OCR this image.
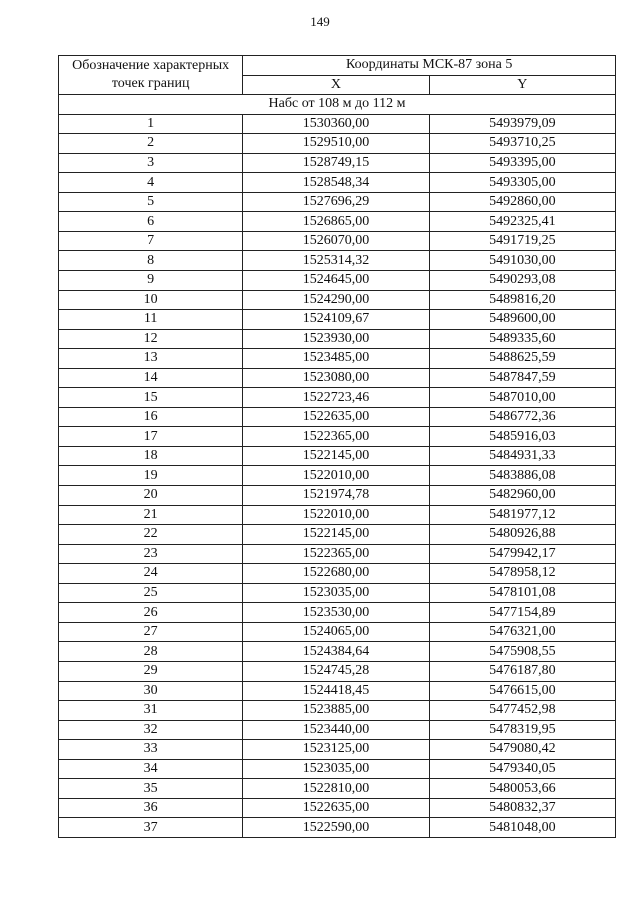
149
Обозначение характерных
точек границ	Координаты МСК-87 зона 5	
	X	Y
Набс от 108 м до 112 м		
1	1530360,00	5493979,09
2	1529510,00	5493710,25
3	1528749,15	5493395,00
4	1528548,34	5493305,00
5	1527696,29	5492860,00
6	1526865,00	5492325,41
7	1526070,00	5491719,25
8	1525314,32	5491030,00
9	1524645,00	5490293,08
10	1524290,00	5489816,20
11	1524109,67	5489600,00
12	1523930,00	5489335,60
13	1523485,00	5488625,59
14	1523080,00	5487847,59
15	1522723,46	5487010,00
16	1522635,00	5486772,36
17	1522365,00	5485916,03
18	1522145,00	5484931,33
19	1522010,00	5483886,08
20	1521974,78	5482960,00
21	1522010,00	5481977,12
22	1522145,00	5480926,88
23	1522365,00	5479942,17
24	1522680,00	5478958,12
25	1523035,00	5478101,08
26	1523530,00	5477154,89
27	1524065,00	5476321,00
28	1524384,64	5475908,55
29	1524745,28	5476187,80
30	1524418,45	5476615,00
31	1523885,00	5477452,98
32	1523440,00	5478319,95
33	1523125,00	5479080,42
34	1523035,00	5479340,05
35	1522810,00	5480053,66
36	1522635,00	5480832,37
37	1522590,00	5481048,00
